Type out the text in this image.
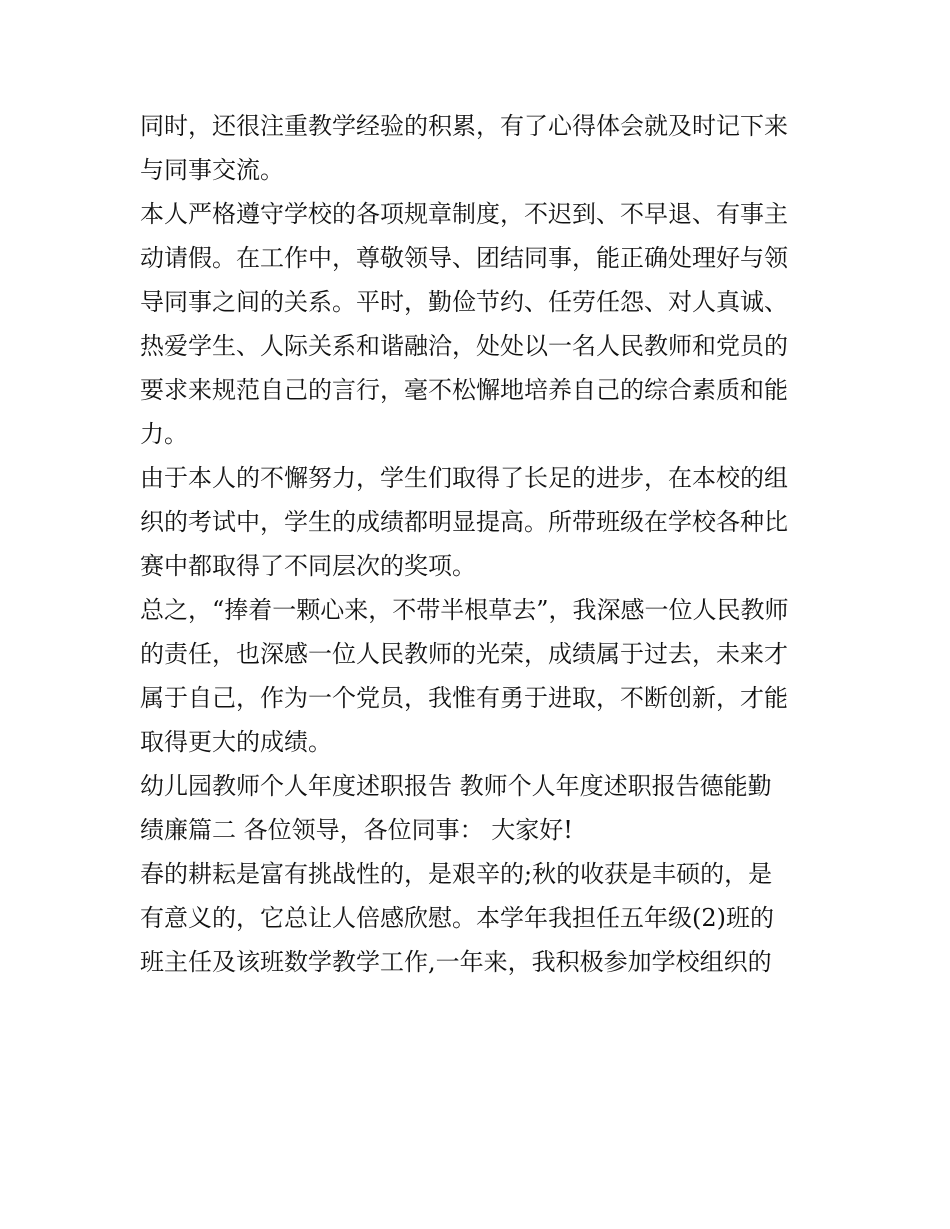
同时，还很注重教学经验的积累，有了心得体会就及时记下来
与同事交流。

本人严格遵守学校的各项规章制度，不迟到、不早退、有事主
动请假。在工作中，尊敬领导、团结同事，能正确处理好与领
导同事之间的关系。平时，勤俭节约、任劳任怨、对人真诚、
热爱学生、人际关系和谐融洽，处处以一名人民教师和党员的
要求来规范自己的言行，毫不松懈地培养自己的综合素质和能
力。

由于本人的不懈努力，学生们取得了长足的进步，在本校的组
织的考试中，学生的成绩都明显提高。所带班级在学校各种比
赛中都取得了不同层次的奖项。

总之，“捧着一颗心来，不带半根草去”，我深感一位人民教师
的责任，也深感一位人民教师的光荣，成绩属于过去，未来才
属于自己，作为一个党员，我惟有勇于进取，不断创新，才能
取得更大的成绩。

幼儿园教师个人年度述职报告 教师个人年度述职报告德能勤
绩廉篇二 各位领导，各位同事： 大家好!

春的耕耘是富有挑战性的，是艰辛的;秋的收获是丰硕的，是
有意义的，它总让人倍感欣慰。本学年我担任五年级(2)班的
班主任及该班数学教学工作,一年来，我积极参加学校组织的
